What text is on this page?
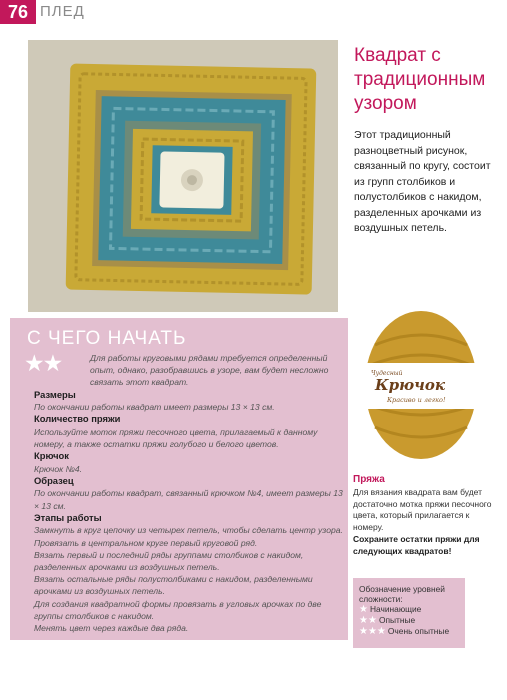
76 ПЛЕД
Квадрат с традиционным узором
Этот традиционный разноцветный рисунок, связанный по кругу, состоит из групп столбиков и полустолбиков с накидом, разделенных арочками из воздушных петель.
С ЧЕГО НАЧАТЬ
★★	Для работы круговыми рядами требуется определенный опыт, однако, разобравшись в узоре, вам будет несложно связать этот квадрат.
Размеры
По окончании работы квадрат имеет размеры 13 × 13 см.
Количество пряжи
Используйте моток пряжи песочного цвета, прилагаемый к данному номеру, а также остатки пряжи голубого и белого цветов.
Крючок
Крючок №4.
Образец
По окончании работы квадрат, связанный крючком №4, имеет размеры 13 × 13 см.
Этапы работы
Замкнуть в круг цепочку из четырех петель, чтобы сделать центр узора. Провязать в центральном круге первый круговой ряд.
Вязать первый и последний ряды группами столбиков с накидом, разделенных арочками из воздушных петель.
Вязать остальные ряды полустолбиками с накидом, разделенными арочками из воздушных петель.
Для создания квадратной формы провязать в угловых арочках по две группы столбиков с накидом.
Менять цвет через каждые два ряда.
Чудесный
Крючок
Красиво и легко!
Пряжа
Для вязания квадрата вам будет достаточно мотка пряжи песочного цвета, который прилагается к номеру.
Сохраните остатки пряжи для следующих квадратов!
Обозначение уровней сложности:
★ Начинающие
★★ Опытные
★★★ Очень опытные
